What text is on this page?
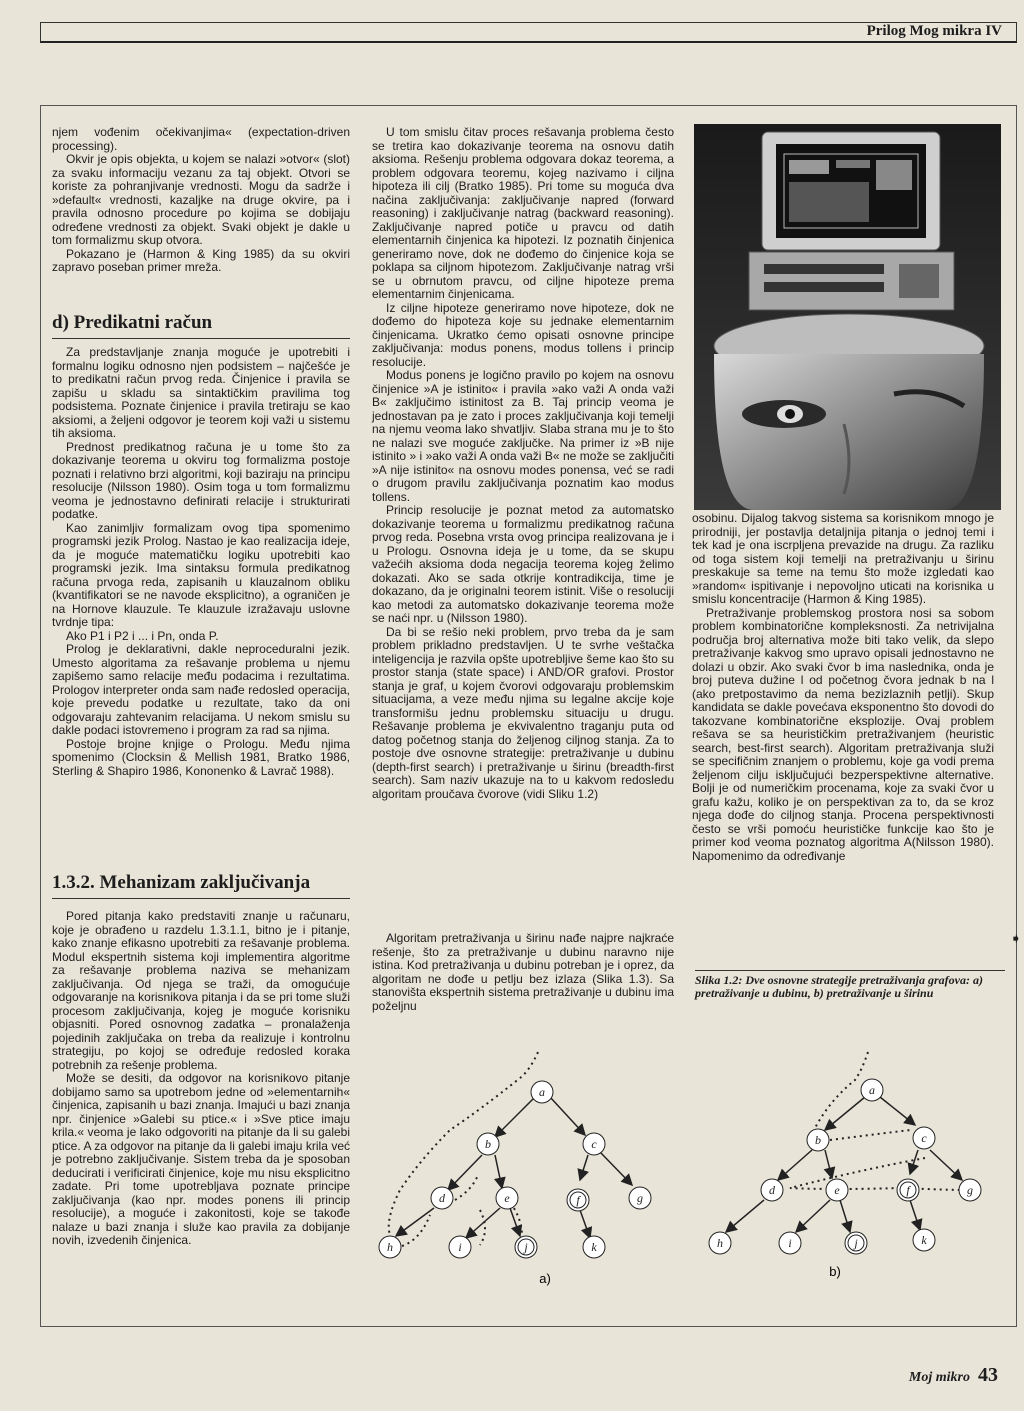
Prilog Mog mikra IV

njem vođenim očekivanjima« (expectation-driven processing).

Okvir je opis objekta, u kojem se nalazi »otvor« (slot) za svaku informaciju vezanu za taj objekt. Otvori se koriste za pohranjivanje vrednosti. Mogu da sadrže i »default« vrednosti, kazaljke na druge okvire, pa i pravila odnosno procedure po kojima se dobijaju određene vrednosti za objekt. Svaki objekt je dakle u tom formalizmu skup otvora.

Pokazano je (Harmon & King 1985) da su okviri zapravo poseban primer mreža.

d) Predikatni račun

Za predstavljanje znanja moguće je upotrebiti i formalnu logiku odnosno njen podsistem – najčešće je to predikatni račun prvog reda. Činjenice i pravila se zapišu u skladu sa sintaktičkim pravilima tog podsistema. Poznate činjenice i pravila tretiraju se kao aksiomi, a željeni odgovor je teorem koji važi u sistemu tih aksioma.

Prednost predikatnog računa je u tome što za dokazivanje teorema u okviru tog formalizma postoje poznati i relativno brzi algoritmi, koji baziraju na principu resolucije (Nilsson 1980). Osim toga u tom formalizmu veoma je jednostavno definirati relacije i strukturirati podatke.

Kao zanimljiv formalizam ovog tipa spomenimo programski jezik Prolog. Nastao je kao realizacija ideje, da je moguće matematičku logiku upotrebiti kao programski jezik. Ima sintaksu formula predikatnog računa prvoga reda, zapisanih u klauzalnom obliku (kvantifikatori se ne navode eksplicitno), a ograničen je na Hornove klauzule. Te klauzule izražavaju uslovne tvrdnje tipa:

Ako P1 i P2 i ... i Pn, onda P.

Prolog je deklarativni, dakle neproceduralni jezik. Umesto algoritama za rešavanje problema u njemu zapišemo samo relacije među podacima i rezultatima. Prologov interpreter onda sam nađe redosled operacija, koje prevedu podatke u rezultate, tako da oni odgovaraju zahtevanim relacijama. U nekom smislu su dakle podaci istovremeno i program za rad sa njima.

Postoje brojne knjige o Prologu. Među njima spomenimo (Clocksin & Mellish 1981, Bratko 1986, Sterling & Shapiro 1986, Kononenko & Lavrač 1988).

1.3.2. Mehanizam zaključivanja

Pored pitanja kako predstaviti znanje u računaru, koje je obrađeno u razdelu 1.3.1.1, bitno je i pitanje, kako znanje efikasno upotrebiti za rešavanje problema. Modul ekspertnih sistema koji implementira algoritme za rešavanje problema naziva se mehanizam zaključivanja. Od njega se traži, da omogućuje odgovaranje na korisnikova pitanja i da se pri tome služi procesom zaključivanja, kojeg je moguće korisniku objasniti. Pored osnovnog zadatka – pronalaženja pojedinih zaključaka on treba da realizuje i kontrolnu strategiju, po kojoj se određuje redosled koraka potrebnih za rešenje problema.

Može se desiti, da odgovor na korisnikovo pitanje dobijamo samo sa upotrebom jedne od »elementarnih« činjenica, zapisanih u bazi znanja. Imajući u bazi znanja npr. činjenice »Galebi su ptice.« i »Sve ptice imaju krila.« veoma je lako odgovoriti na pitanje da li su galebi ptice. A za odgovor na pitanje da li galebi imaju krila već je potrebno zaključivanje. Sistem treba da je sposoban deducirati i verificirati činjenice, koje mu nisu eksplicitno zadate. Pri tome upotrebljava poznate principe zaključivanja (kao npr. modes ponens ili princip resolucije), a moguće i zakonitosti, koje se takođe nalaze u bazi znanja i služe kao pravila za dobijanje novih, izvedenih činjenica.

U tom smislu čitav proces rešavanja problema često se tretira kao dokazivanje teorema na osnovu datih aksioma. Rešenju problema odgovara dokaz teorema, a problem odgovara teoremu, kojeg nazivamo i ciljna hipoteza ili cilj (Bratko 1985). Pri tome su moguća dva načina zaključivanja: zaključivanje napred (forward reasoning) i zaključivanje natrag (backward reasoning). Zaključivanje napred potiče u pravcu od datih elementarnih činjenica ka hipotezi. Iz poznatih činjenica generiramo nove, dok ne dođemo do činjenice koja se poklapa sa ciljnom hipotezom. Zaključivanje natrag vrši se u obrnutom pravcu, od ciljne hipoteze prema elementarnim činjenicama.

Iz ciljne hipoteze generiramo nove hipoteze, dok ne dođemo do hipoteza koje su jednake elementarnim činjenicama. Ukratko ćemo opisati osnovne principe zaključivanja: modus ponens, modus tollens i princip resolucije.

Modus ponens je logično pravilo po kojem na osnovu činjenice »A je istinito« i pravila »ako važi A onda važi B« zaključimo istinitost za B. Taj princip veoma je jednostavan pa je zato i proces zaključivanja koji temelji na njemu veoma lako shvatljiv. Slaba strana mu je to što ne nalazi sve moguće zaključke. Na primer iz »B nije istinito » i »ako važi A onda važi B« ne može se zaključiti »A nije istinito« na osnovu modes ponensa, već se radi o drugom pravilu zaključivanja poznatim kao modus tollens.

Princip resolucije je poznat metod za automatsko dokazivanje teorema u formalizmu predikatnog računa prvog reda. Posebna vrsta ovog principa realizovana je i u Prologu. Osnovna ideja je u tome, da se skupu važećih aksioma doda negacija teorema kojeg želimo dokazati. Ako se sada otkrije kontradikcija, time je dokazano, da je originalni teorem istinit. Više o resoluciji kao metodi za automatsko dokazivanje teorema može se naći npr. u (Nilsson 1980).

Da bi se rešio neki problem, prvo treba da je sam problem prikladno predstavljen. U te svrhe veštačka inteligencija je razvila opšte upotrebljive šeme kao što su prostor stanja (state space) i AND/OR grafovi. Prostor stanja je graf, u kojem čvorovi odgovaraju problemskim situacijama, a veze među njima su legalne akcije koje transformišu jednu problemsku situaciju u drugu. Rešavanje problema je ekvivalentno traganju puta od datog početnog stanja do željenog ciljnog stanja. Za to postoje dve osnovne strategije: pretraživanje u dubinu (depth-first search) i pretraživanje u širinu (breadth-first search). Sam naziv ukazuje na to u kakvom redosledu algoritam proučava čvorove (vidi Sliku 1.2)

Algoritam pretraživanja u širinu nađe najpre najkraće rešenje, što za pretraživanje u dubinu naravno nije istina. Kod pretraživanja u dubinu potreban je i oprez, da algoritam ne dođe u petlju bez izlaza (Slika 1.3). Sa stanovišta ekspertnih sistema pretraživanje u dubinu ima poželjnu

osobinu. Dijalog takvog sistema sa korisnikom mnogo je prirodniji, jer postavlja detaljnija pitanja o jednoj temi i tek kad je ona iscrpljena prevazide na drugu. Za razliku od toga sistem koji temelji na pretraživanju u širinu preskakuje sa teme na temu što može izgledati kao »random« ispitivanje i nepovoljno uticati na korisnika u smislu koncentracije (Harmon & King 1985).

Pretraživanje problemskog prostora nosi sa sobom problem kombinatorične kompleksnosti. Za netrivijalna područja broj alternativa može biti tako velik, da slepo pretraživanje kakvog smo upravo opisali jednostavno ne dolazi u obzir. Ako svaki čvor b ima naslednika, onda je broj puteva dužine l od početnog čvora jednak b na l (ako pretpostavimo da nema bezizlaznih petlji). Skup kandidata se dakle povećava eksponentno što dovodi do takozvane kombinatorične eksplozije. Ovaj problem rešava se sa heurističkim pretraživanjem (heuristic search, best-first search). Algoritam pretraživanja služi se specifičnim znanjem o problemu, koje ga vodi prema željenom cilju isključujući bezperspektivne alternative. Bolji je od numeričkim procenama, koje za svaki čvor u grafu kažu, koliko je on perspektivan za to, da se kroz njega dođe do ciljnog stanja. Procena perspektivnosti često se vrši pomoću heurističke funkcije kao što je primer kod veoma poznatog algoritma A(Nilsson 1980). Napomenimo da određivanje

➧
Slika 1.2: Dve osnovne strategije pretraživanja grafova: a) pretraživanje u dubinu, b) pretraživanje u širinu
a
b	c
d	e	f	g
h	i	j	k
a)
a
b	c
d	e	f	g
h	i	j	k
b)
Moj mikro 43
